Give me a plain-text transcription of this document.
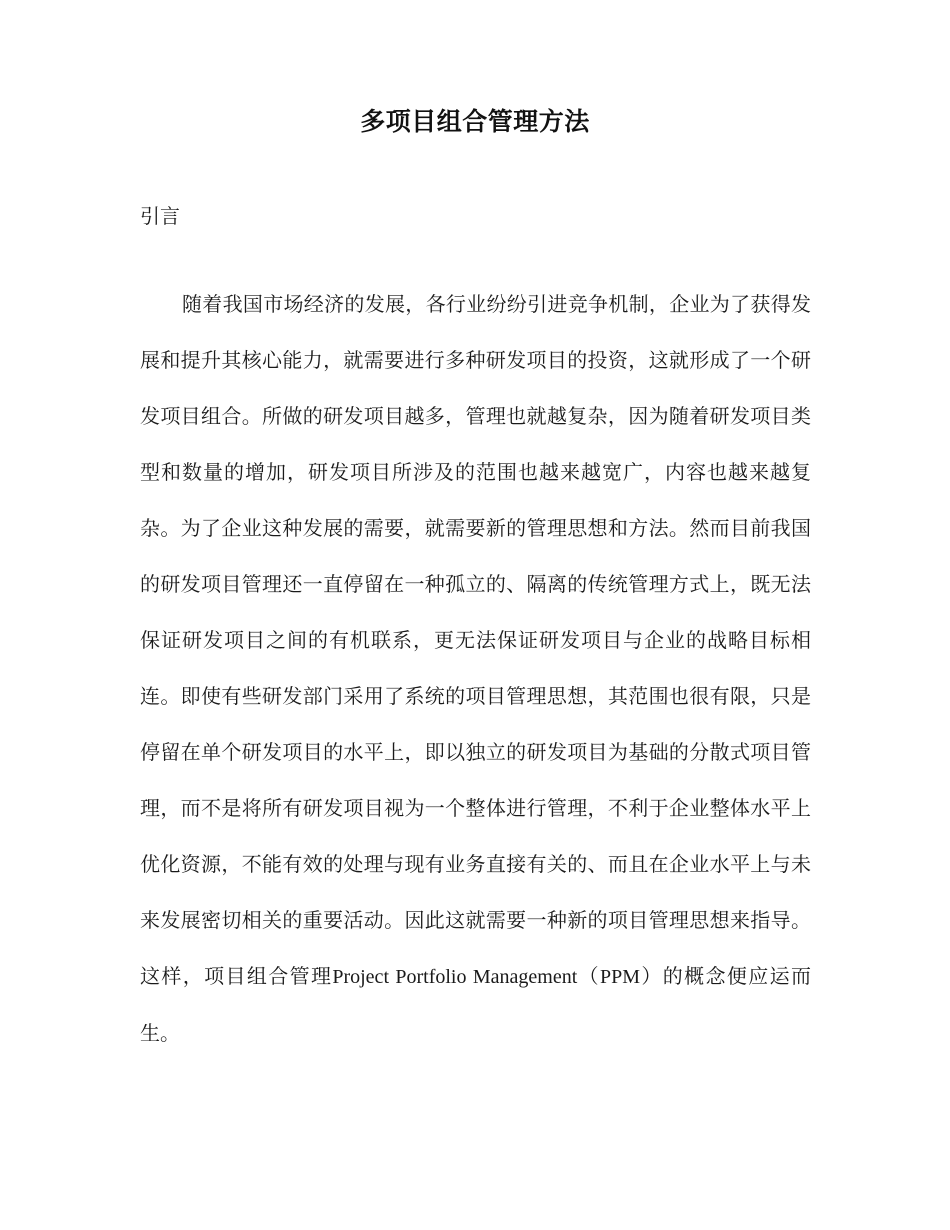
多项目组合管理方法
引言

随着我国市场经济的发展，各行业纷纷引进竞争机制，企业为了获得发展和提升其核心能力，就需要进行多种研发项目的投资，这就形成了一个研发项目组合。所做的研发项目越多，管理也就越复杂，因为随着研发项目类型和数量的增加，研发项目所涉及的范围也越来越宽广，内容也越来越复杂。为了企业这种发展的需要，就需要新的管理思想和方法。然而目前我国的研发项目管理还一直停留在一种孤立的、隔离的传统管理方式上，既无法保证研发项目之间的有机联系，更无法保证研发项目与企业的战略目标相连。即使有些研发部门采用了系统的项目管理思想，其范围也很有限，只是停留在单个研发项目的水平上，即以独立的研发项目为基础的分散式项目管理，而不是将所有研发项目视为一个整体进行管理，不利于企业整体水平上优化资源，不能有效的处理与现有业务直接有关的、而且在企业水平上与未来发展密切相关的重要活动。因此这就需要一种新的项目管理思想来指导。这样，项目组合管理Project Portfolio Management（PPM）的概念便应运而生。
